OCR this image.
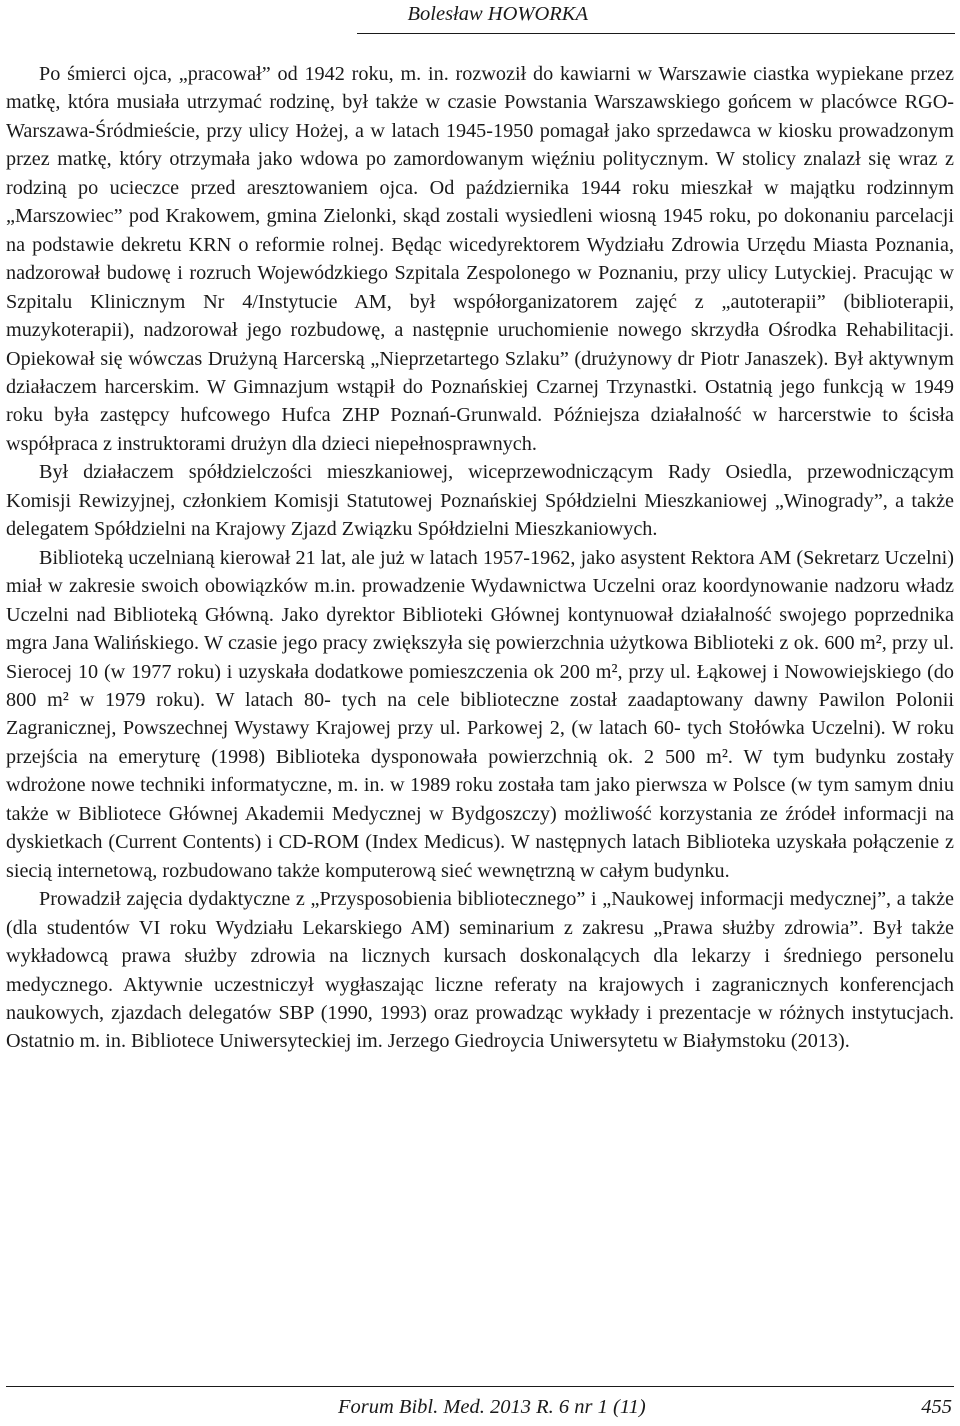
Bolesław HOWORKA

Po śmierci ojca, „pracował” od 1942 roku, m. in. rozwoził do kawiarni w Warszawie ciastka wypiekane przez matkę, która musiała utrzymać rodzinę, był także w czasie Powstania Warszawskiego gońcem w placówce RGO-Warszawa-Śródmieście, przy ulicy Hożej, a w latach 1945-1950 pomagał jako sprzedawca w kiosku prowadzonym przez matkę, który otrzymała jako wdowa po zamordowanym więźniu politycznym. W stolicy znalazł się wraz z rodziną po ucieczce przed aresztowaniem ojca. Od października 1944 roku mieszkał w majątku rodzinnym „Marszowiec” pod Krakowem, gmina Zielonki, skąd zostali wysiedleni wiosną 1945 roku, po dokonaniu parcelacji na podstawie dekretu KRN o reformie rolnej. Będąc wicedyrektorem Wydziału Zdrowia Urzędu Miasta Poznania, nadzorował budowę i rozruch Wojewódzkiego Szpitala Zespolonego w Poznaniu, przy ulicy Lutyckiej. Pracując w Szpitalu Klinicznym Nr 4/Instytucie AM, był współorganizatorem zajęć z „autoterapii” (biblioterapii, muzykoterapii), nadzorował jego rozbudowę, a następnie uruchomienie nowego skrzydła Ośrodka Rehabilitacji. Opiekował się wówczas Drużyną Harcerską „Nieprzetartego Szlaku” (drużynowy dr Piotr Janaszek). Był aktywnym działaczem harcerskim. W Gimnazjum wstąpił do Poznańskiej Czarnej Trzynastki. Ostatnią jego funkcją w 1949 roku była zastępcy hufcowego Hufca ZHP Poznań-Grunwald. Późniejsza działalność w harcerstwie to ścisła współpraca z instruktorami drużyn dla dzieci niepełnosprawnych.

Był działaczem spółdzielczości mieszkaniowej, wiceprzewodniczącym Rady Osiedla, przewodniczącym Komisji Rewizyjnej, członkiem Komisji Statutowej Poznańskiej Spółdzielni Mieszkaniowej „Winogrady”, a także delegatem Spółdzielni na Krajowy Zjazd Związku Spółdzielni Mieszkaniowych.

Biblioteką uczelnianą kierował 21 lat, ale już w latach 1957-1962, jako asystent Rektora AM (Sekretarz Uczelni) miał w zakresie swoich obowiązków m.in. prowadzenie Wydawnictwa Uczelni oraz koordynowanie nadzoru władz Uczelni nad Biblioteką Główną. Jako dyrektor Biblioteki Głównej kontynuował działalność swojego poprzednika mgra Jana Walińskiego. W czasie jego pracy zwiększyła się powierzchnia użytkowa Biblioteki z ok. 600 m², przy ul. Sierocej 10 (w 1977 roku) i uzyskała dodatkowe pomieszczenia ok 200 m², przy ul. Łąkowej i Nowowiejskiego (do 800 m² w 1979 roku). W latach 80- tych na cele biblioteczne został zaadaptowany dawny Pawilon Polonii Zagranicznej, Powszechnej Wystawy Krajowej przy ul. Parkowej 2, (w latach 60- tych Stołówka Uczelni). W roku przejścia na emeryturę (1998) Biblioteka dysponowała powierzchnią ok. 2 500 m². W tym budynku zostały wdrożone nowe techniki informatyczne, m. in. w 1989 roku została tam jako pierwsza w Polsce (w tym samym dniu także w Bibliotece Głównej Akademii Medycznej w Bydgoszczy) możliwość korzystania ze źródeł informacji na dyskietkach (Current Contents) i CD-ROM (Index Medicus). W następnych latach Biblioteka uzyskała połączenie z siecią internetową, rozbudowano także komputerową sieć wewnętrzną w całym budynku.

Prowadził zajęcia dydaktyczne z „Przysposobienia bibliotecznego” i „Naukowej informacji medycznej”, a także (dla studentów VI roku Wydziału Lekarskiego AM) seminarium z zakresu „Prawa służby zdrowia”. Był także wykładowcą prawa służby zdrowia na licznych kursach doskonalących dla lekarzy i średniego personelu medycznego. Aktywnie uczestniczył wygłaszając liczne referaty na krajowych i zagranicznych konferencjach naukowych, zjazdach delegatów SBP (1990, 1993) oraz prowadząc wykłady i prezentacje w różnych instytucjach. Ostatnio m. in. Bibliotece Uniwersyteckiej im. Jerzego Giedroycia Uniwersytetu w Białymstoku (2013).

Forum Bibl. Med. 2013 R. 6 nr 1 (11)	455
